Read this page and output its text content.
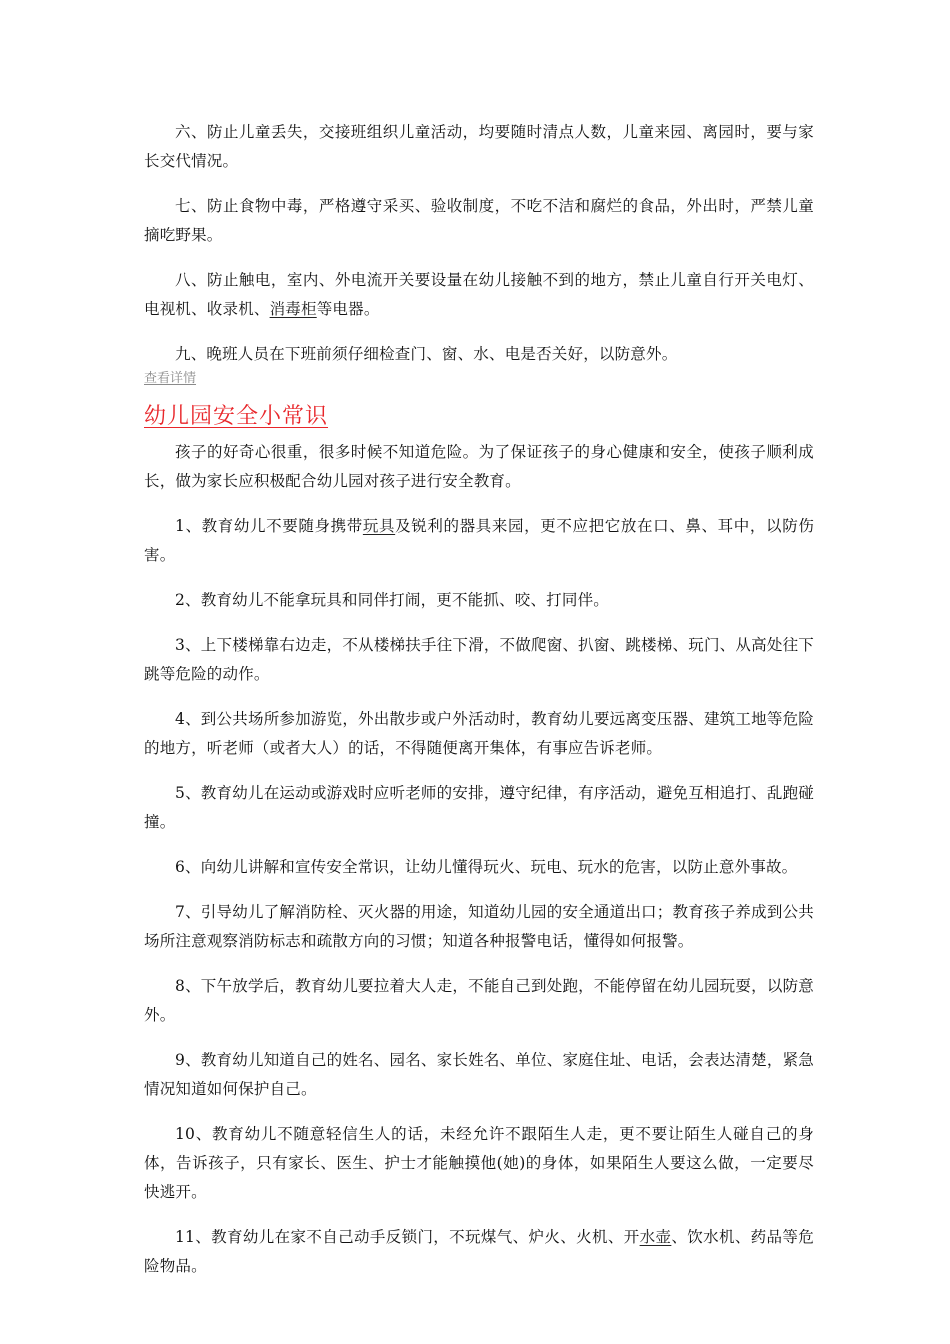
六、防止儿童丢失，交接班组织儿童活动，均要随时清点人数，儿童来园、离园时，要与家长交代情况。

七、防止食物中毒，严格遵守采买、验收制度，不吃不洁和腐烂的食品，外出时，严禁儿童摘吃野果。

八、防止触电，室内、外电流开关要设量在幼儿接触不到的地方，禁止儿童自行开关电灯、电视机、收录机、消毒柜等电器。

九、晚班人员在下班前须仔细检查门、窗、水、电是否关好，以防意外。

查看详情
幼儿园安全小常识

孩子的好奇心很重，很多时候不知道危险。为了保证孩子的身心健康和安全，使孩子顺利成长，做为家长应积极配合幼儿园对孩子进行安全教育。

1、教育幼儿不要随身携带玩具及锐利的器具来园，更不应把它放在口、鼻、耳中，以防伤害。

2、教育幼儿不能拿玩具和同伴打闹，更不能抓、咬、打同伴。

3、上下楼梯靠右边走，不从楼梯扶手往下滑，不做爬窗、扒窗、跳楼梯、玩门、从高处往下跳等危险的动作。

4、到公共场所参加游览，外出散步或户外活动时，教育幼儿要远离变压器、建筑工地等危险的地方，听老师（或者大人）的话，不得随便离开集体，有事应告诉老师。

5、教育幼儿在运动或游戏时应听老师的安排，遵守纪律，有序活动，避免互相追打、乱跑碰撞。

6、向幼儿讲解和宣传安全常识，让幼儿懂得玩火、玩电、玩水的危害，以防止意外事故。

7、引导幼儿了解消防栓、灭火器的用途，知道幼儿园的安全通道出口；教育孩子养成到公共场所注意观察消防标志和疏散方向的习惯；知道各种报警电话，懂得如何报警。

8、下午放学后，教育幼儿要拉着大人走，不能自己到处跑，不能停留在幼儿园玩耍，以防意外。

9、教育幼儿知道自己的姓名、园名、家长姓名、单位、家庭住址、电话，会表达清楚，紧急情况知道如何保护自己。

10、教育幼儿不随意轻信生人的话，未经允许不跟陌生人走，更不要让陌生人碰自己的身体，告诉孩子，只有家长、医生、护士才能触摸他(她)的身体，如果陌生人要这么做，一定要尽快逃开。

11、教育幼儿在家不自己动手反锁门，不玩煤气、炉火、火机、开水壶、饮水机、药品等危险物品。
